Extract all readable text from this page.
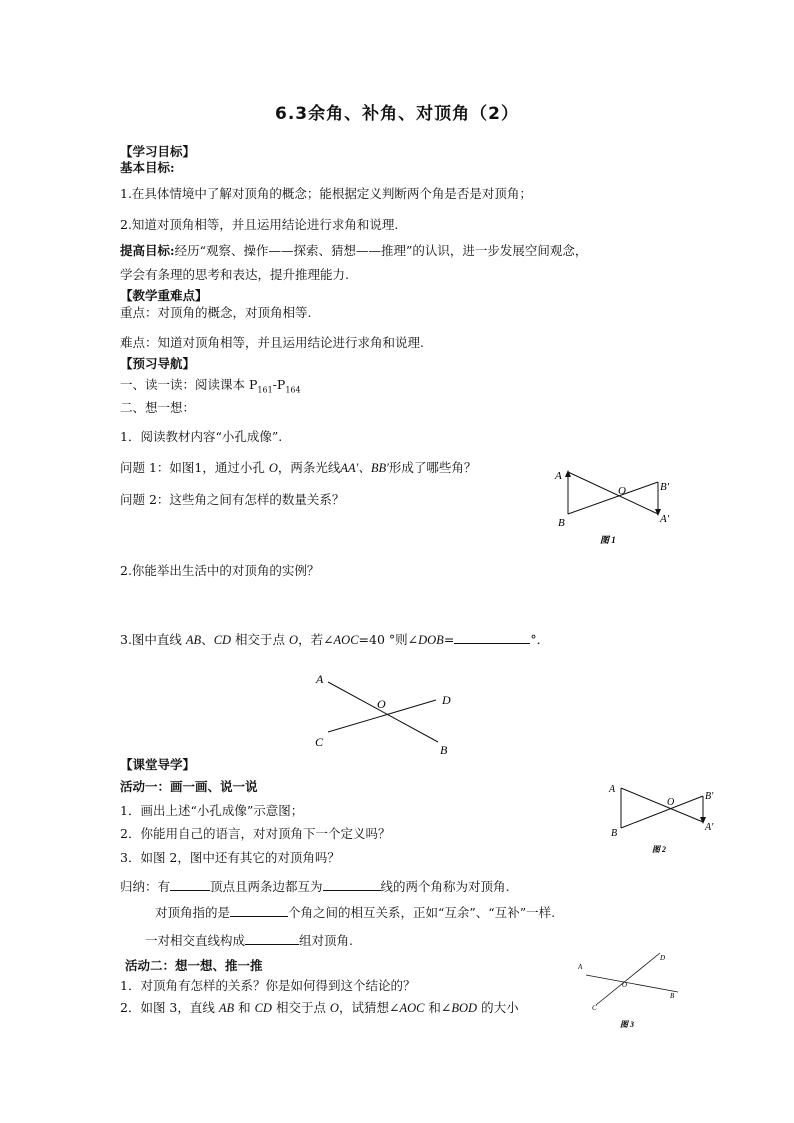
6.3余角、补角、对顶角（2）
【学习目标】
基本目标:
1.在具体情境中了解对顶角的概念；能根据定义判断两个角是否是对顶角；
2.知道对顶角相等，并且运用结论进行求角和说理.
提高目标:经历“观察、操作——探索、猜想——推理”的认识，进一步发展空间观念，
学会有条理的思考和表达，提升推理能力.
【教学重难点】
重点：对顶角的概念，对顶角相等.
难点：知道对顶角相等，并且运用结论进行求角和说理.
【预习导航】
一、读一读：阅读课本 $P_{161}-P_{164}$
二、想一想：
1．阅读教材内容“小孔成像”.
问题 1：如图1，通过小孔 O，两条光线AA′、BB′形成了哪些角？
问题 2：这些角之间有怎样的数量关系？
2.你能举出生活中的对顶角的实例？
3.图中直线 AB、CD 相交于点 O，若∠AOC=40 °则∠DOB=	°．
【课堂导学】
活动一：画一画、说一说
1．画出上述“小孔成像”示意图；
2．你能用自己的语言，对对顶角下一个定义吗？
3．如图 2，图中还有其它的对顶角吗？
归纳：有	顶点且两条边都互为	线的两个角称为对顶角.
对顶角指的是	个角之间的相互关系，正如“互余”、“互补”一样.
一对相交直线构成	组对顶角.
活动二：想一想、推一推
1．对顶角有怎样的关系？你是如何得到这个结论的？
2．如图 3，直线 AB 和 CD 相交于点 O，试猜想∠AOC 和∠BOD 的大小
A
B
O	B′
A′
图 1
A
O	D
C
B
A
B
O
B′
A′
图 2
A
D
O
B
C
图 3
